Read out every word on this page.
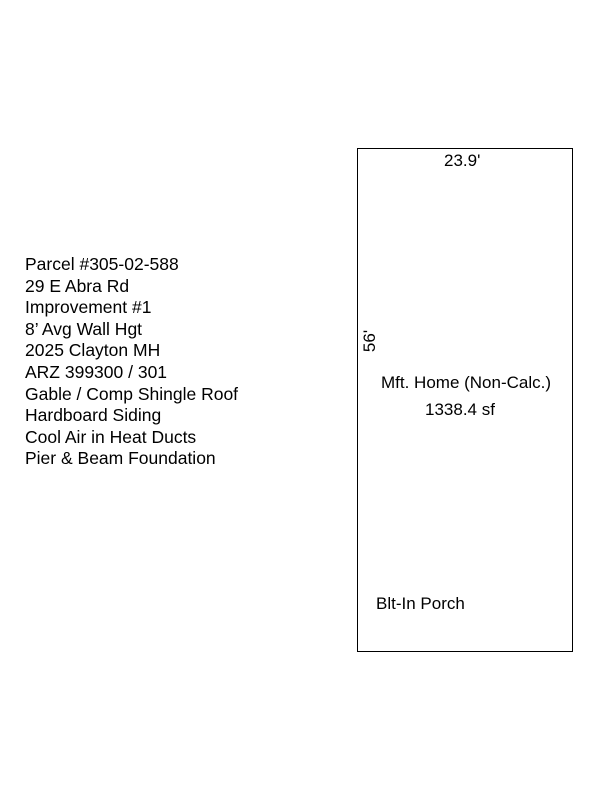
Parcel #305-02-588
29 E Abra Rd
Improvement #1
8’ Avg Wall Hgt
2025 Clayton MH
ARZ 399300 / 301
Gable / Comp Shingle Roof
Hardboard Siding
Cool Air in Heat Ducts
Pier & Beam Foundation
23.9'
56'
Mft. Home (Non-Calc.)
1338.4 sf
Blt-In Porch
